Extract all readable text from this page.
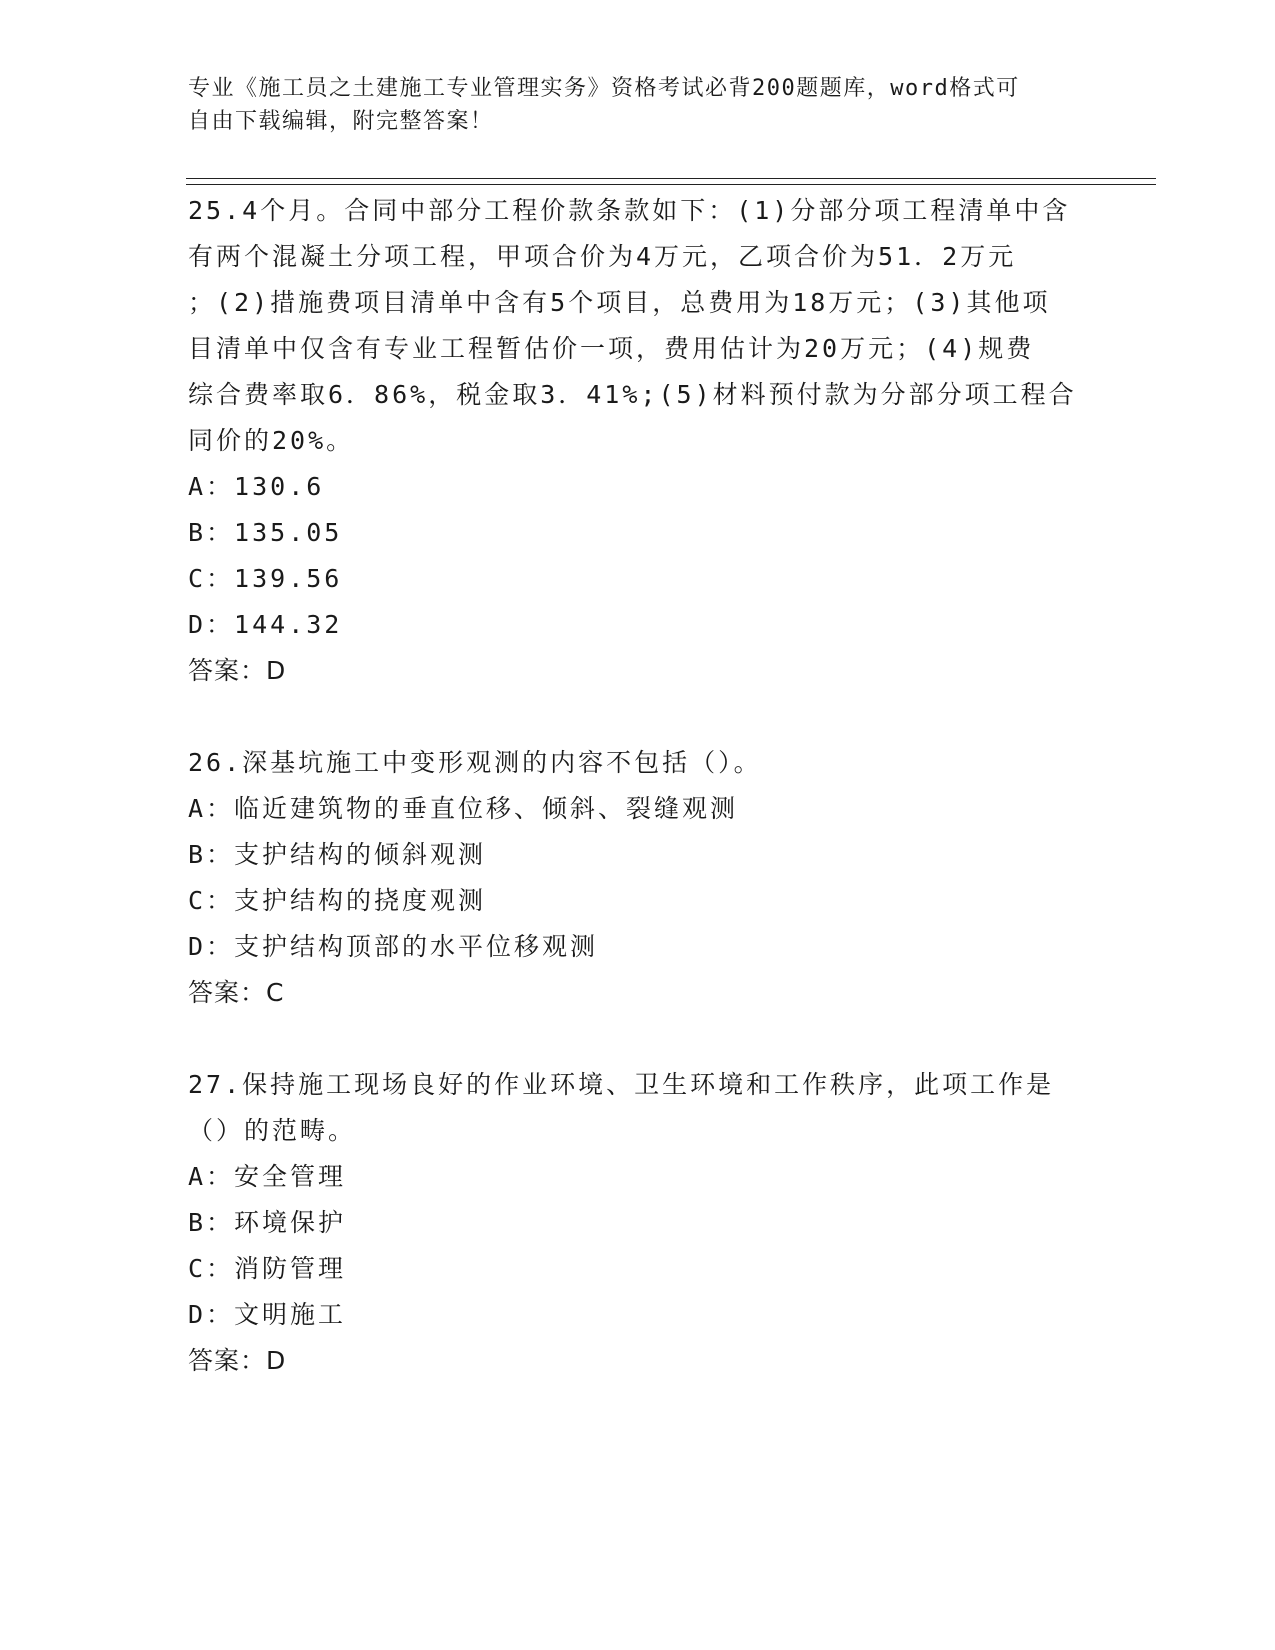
专业《施工员之土建施工专业管理实务》资格考试必背200题题库，word格式可
自由下载编辑，附完整答案！
25.4个月。合同中部分工程价款条款如下：(1)分部分项工程清单中含
有两个混凝土分项工程，甲项合价为4万元，乙项合价为51．2万元
；(2)措施费项目清单中含有5个项目，总费用为18万元；(3)其他项
目清单中仅含有专业工程暂估价一项，费用估计为20万元；(4)规费
综合费率取6．86%，税金取3．41%;(5)材料预付款为分部分项工程合
同价的20%。
A：130.6
B：135.05
C：139.56
D：144.32
答案：D
26.深基坑施工中变形观测的内容不包括（）。
A：临近建筑物的垂直位移、倾斜、裂缝观测
B：支护结构的倾斜观测
C：支护结构的挠度观测
D：支护结构顶部的水平位移观测
答案：C
27.保持施工现场良好的作业环境、卫生环境和工作秩序，此项工作是
（）的范畴。
A：安全管理
B：环境保护
C：消防管理
D：文明施工
答案：D
